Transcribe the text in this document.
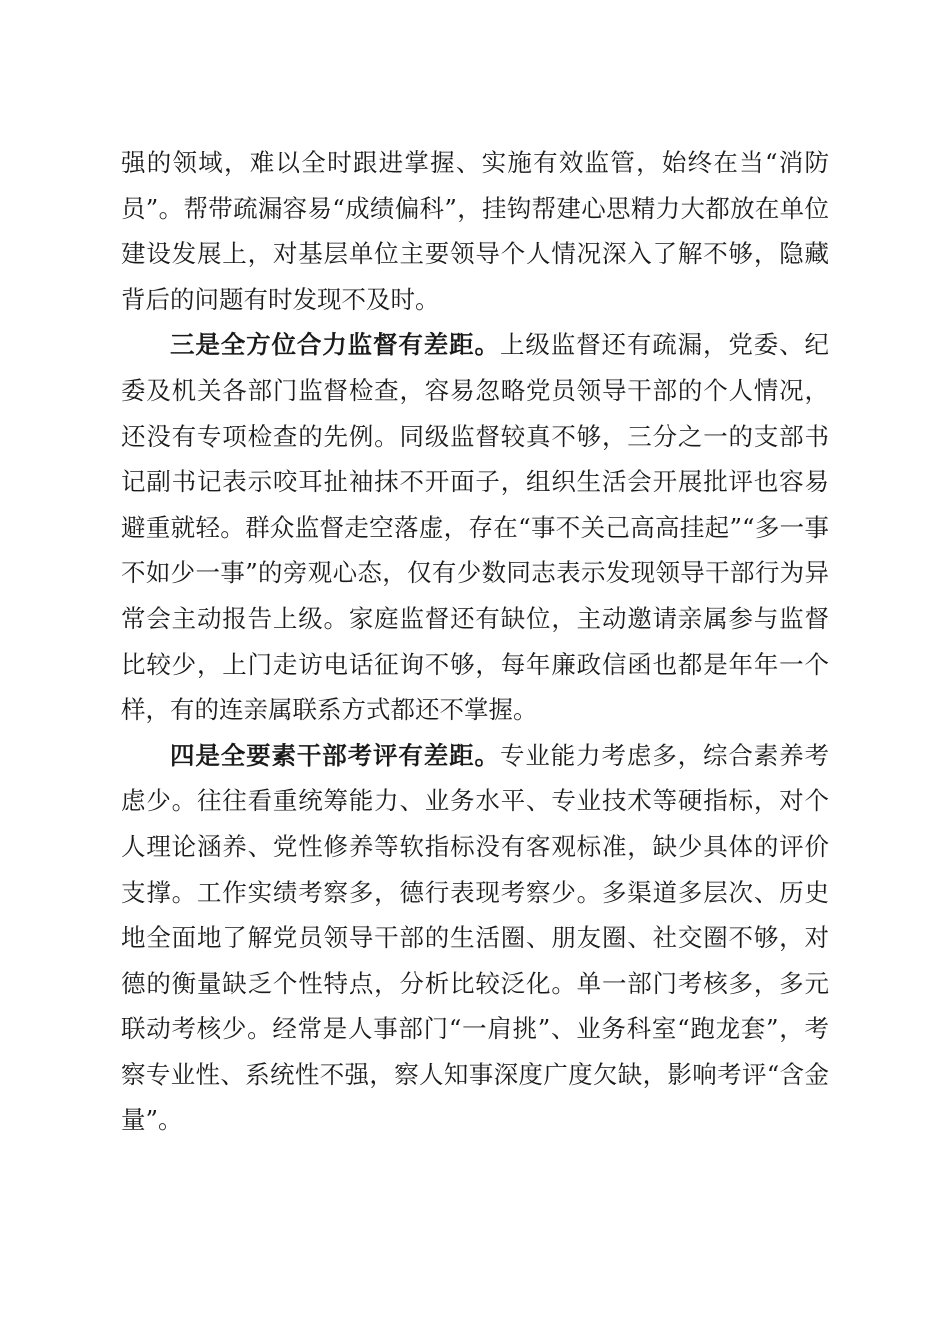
强的领域，难以全时跟进掌握、实施有效监管，始终在当“消防员”。帮带疏漏容易“成绩偏科”，挂钩帮建心思精力大都放在单位建设发展上，对基层单位主要领导个人情况深入了解不够，隐藏背后的问题有时发现不及时。

三是全方位合力监督有差距。上级监督还有疏漏，党委、纪委及机关各部门监督检查，容易忽略党员领导干部的个人情况，还没有专项检查的先例。同级监督较真不够，三分之一的支部书记副书记表示咬耳扯袖抹不开面子，组织生活会开展批评也容易避重就轻。群众监督走空落虚，存在“事不关己高高挂起”“多一事不如少一事”的旁观心态，仅有少数同志表示发现领导干部行为异常会主动报告上级。家庭监督还有缺位，主动邀请亲属参与监督比较少，上门走访电话征询不够，每年廉政信函也都是年年一个样，有的连亲属联系方式都还不掌握。

四是全要素干部考评有差距。专业能力考虑多，综合素养考虑少。往往看重统筹能力、业务水平、专业技术等硬指标，对个人理论涵养、党性修养等软指标没有客观标准，缺少具体的评价支撑。工作实绩考察多，德行表现考察少。多渠道多层次、历史地全面地了解党员领导干部的生活圈、朋友圈、社交圈不够，对德的衡量缺乏个性特点，分析比较泛化。单一部门考核多，多元联动考核少。经常是人事部门“一肩挑”、业务科室“跑龙套”，考察专业性、系统性不强，察人知事深度广度欠缺，影响考评“含金量”。
